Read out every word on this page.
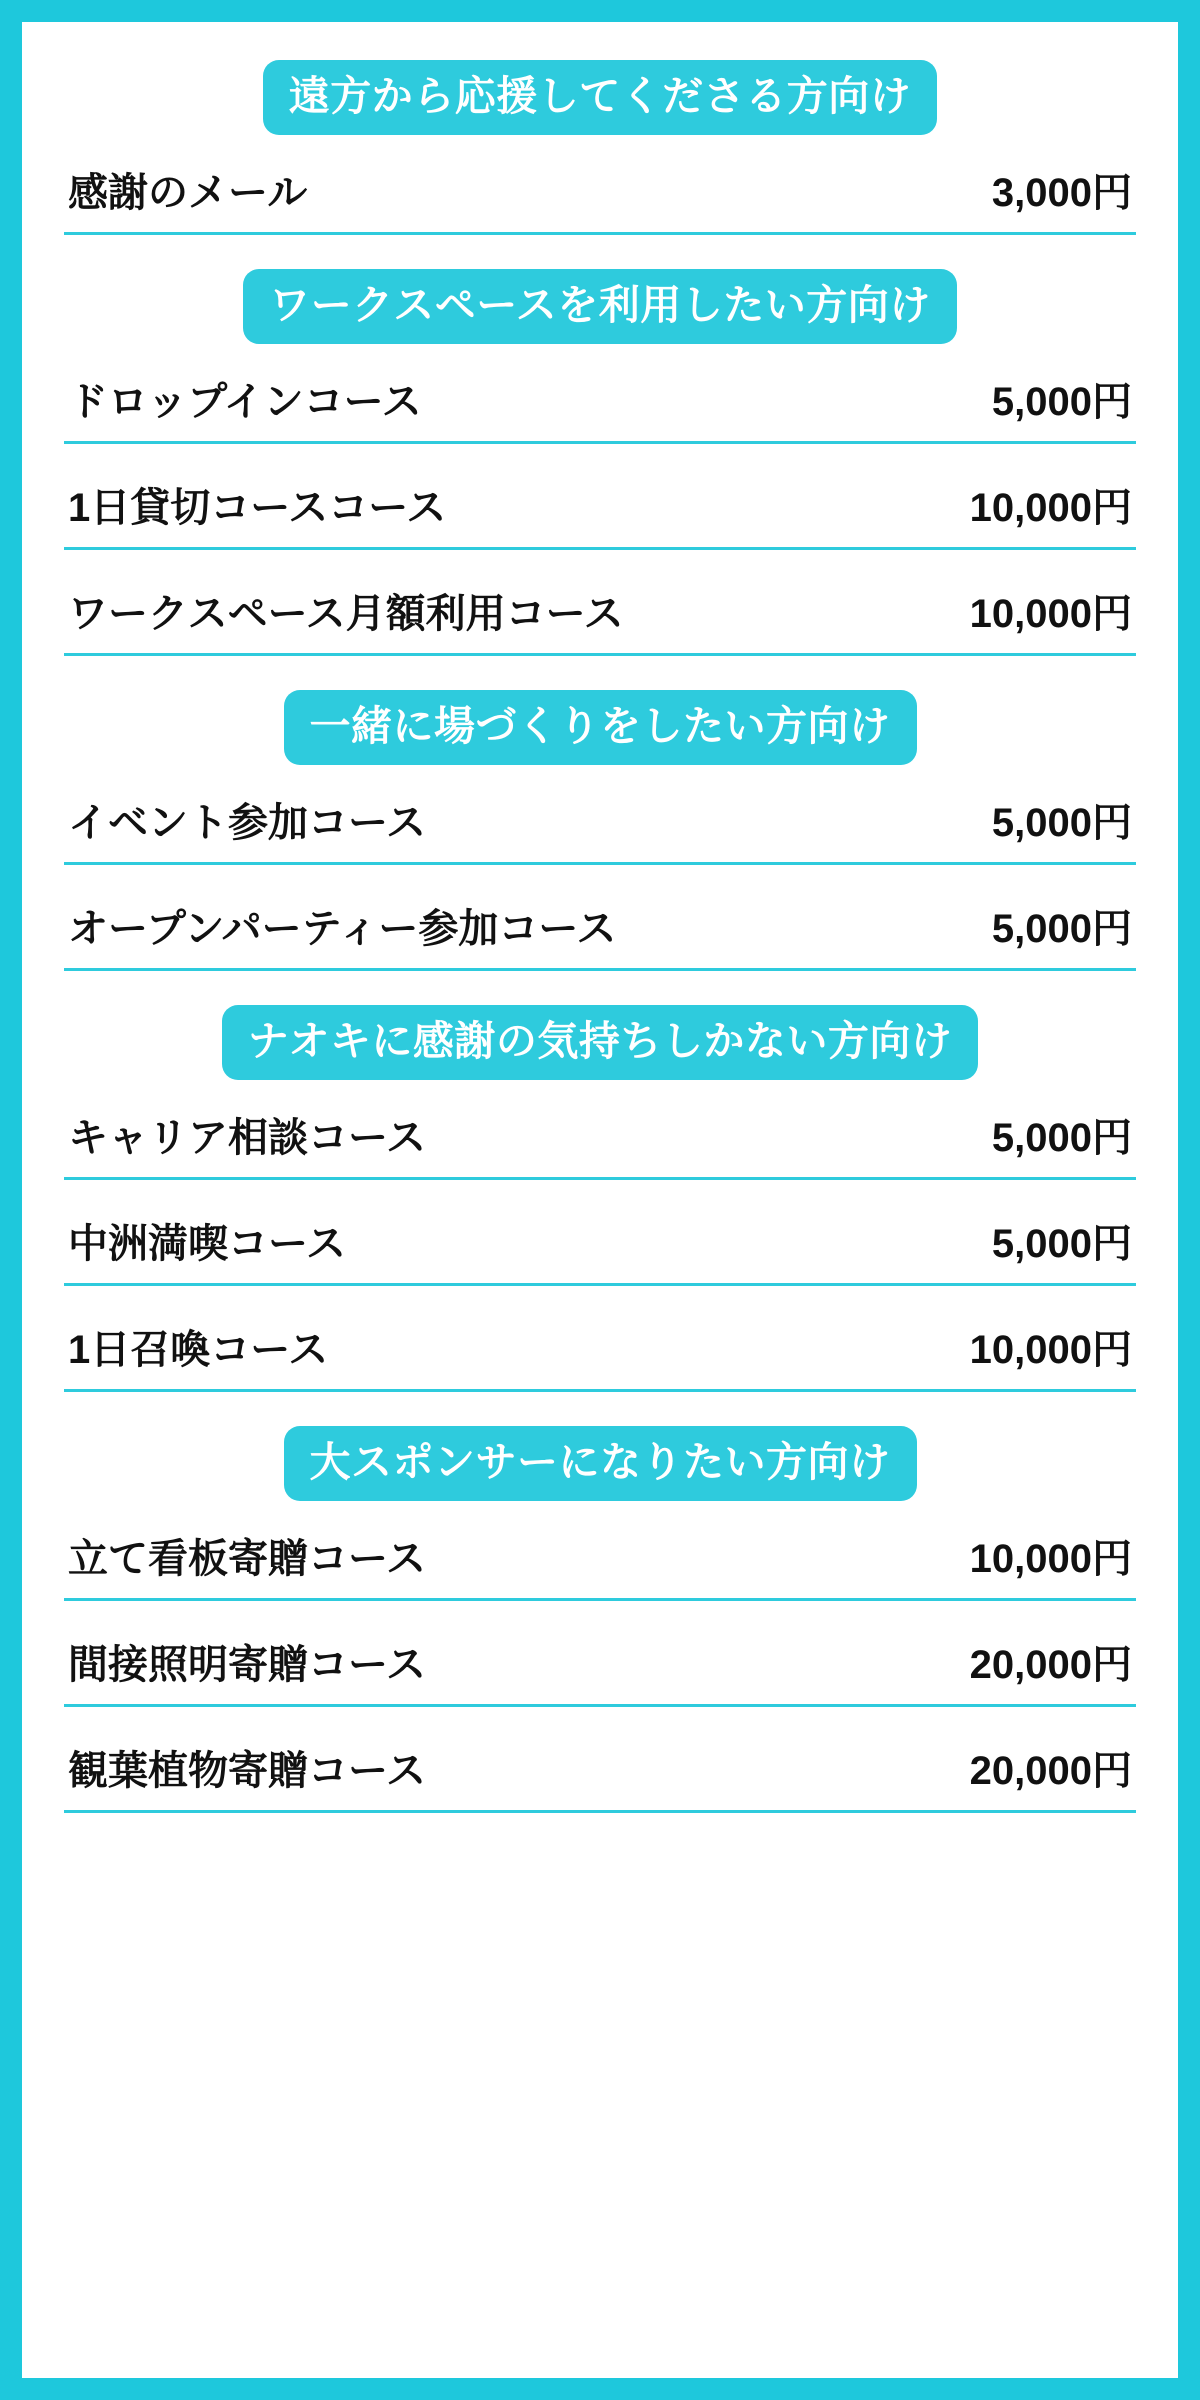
遠方から応援してくださる方向け
感謝のメール	3,000円
ワークスペースを利用したい方向け
ドロップインコース	5,000円
1日貸切コースコース	10,000円
ワークスペース月額利用コース	10,000円
一緒に場づくりをしたい方向け
イベント参加コース	5,000円
オープンパーティー参加コース	5,000円
ナオキに感謝の気持ちしかない方向け
キャリア相談コース	5,000円
中洲満喫コース	5,000円
1日召喚コース	10,000円
大スポンサーになりたい方向け
立て看板寄贈コース	10,000円
間接照明寄贈コース	20,000円
観葉植物寄贈コース	20,000円
